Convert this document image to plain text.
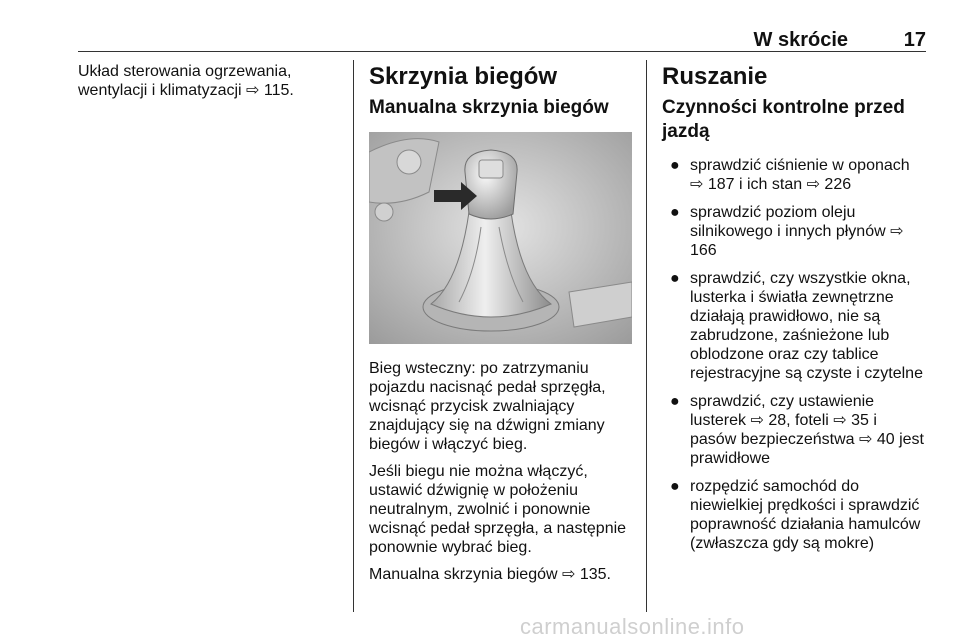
W skrócie	17

Układ sterowania ogrzewania, wentylacji i klimatyzacji ⇨ 115.

Skrzynia biegów
Manualna skrzynia biegów

Bieg wsteczny: po zatrzymaniu pojazdu nacisnąć pedał sprzęgła, wcisnąć przycisk zwalniający znajdujący się na dźwigni zmiany biegów i włączyć bieg.

Jeśli biegu nie można włączyć, ustawić dźwignię w położeniu neutralnym, zwolnić i ponownie wcisnąć pedał sprzęgła, a następnie ponownie wybrać bieg.

Manualna skrzynia biegów ⇨ 135.

Ruszanie
Czynności kontrolne przed jazdą
● sprawdzić ciśnienie w oponach ⇨ 187 i ich stan ⇨ 226
● sprawdzić poziom oleju silnikowego i innych płynów ⇨ 166
● sprawdzić, czy wszystkie okna, lusterka i światła zewnętrzne działają prawidłowo, nie są zabrudzone, zaśnieżone lub oblodzone oraz czy tablice rejestracyjne są czyste i czytelne
● sprawdzić, czy ustawienie lusterek ⇨ 28, foteli ⇨ 35 i pasów bezpieczeństwa ⇨ 40 jest prawidłowe
● rozpędzić samochód do niewielkiej prędkości i sprawdzić poprawność działania hamulców (zwłaszcza gdy są mokre)
carmanualsonline.info
